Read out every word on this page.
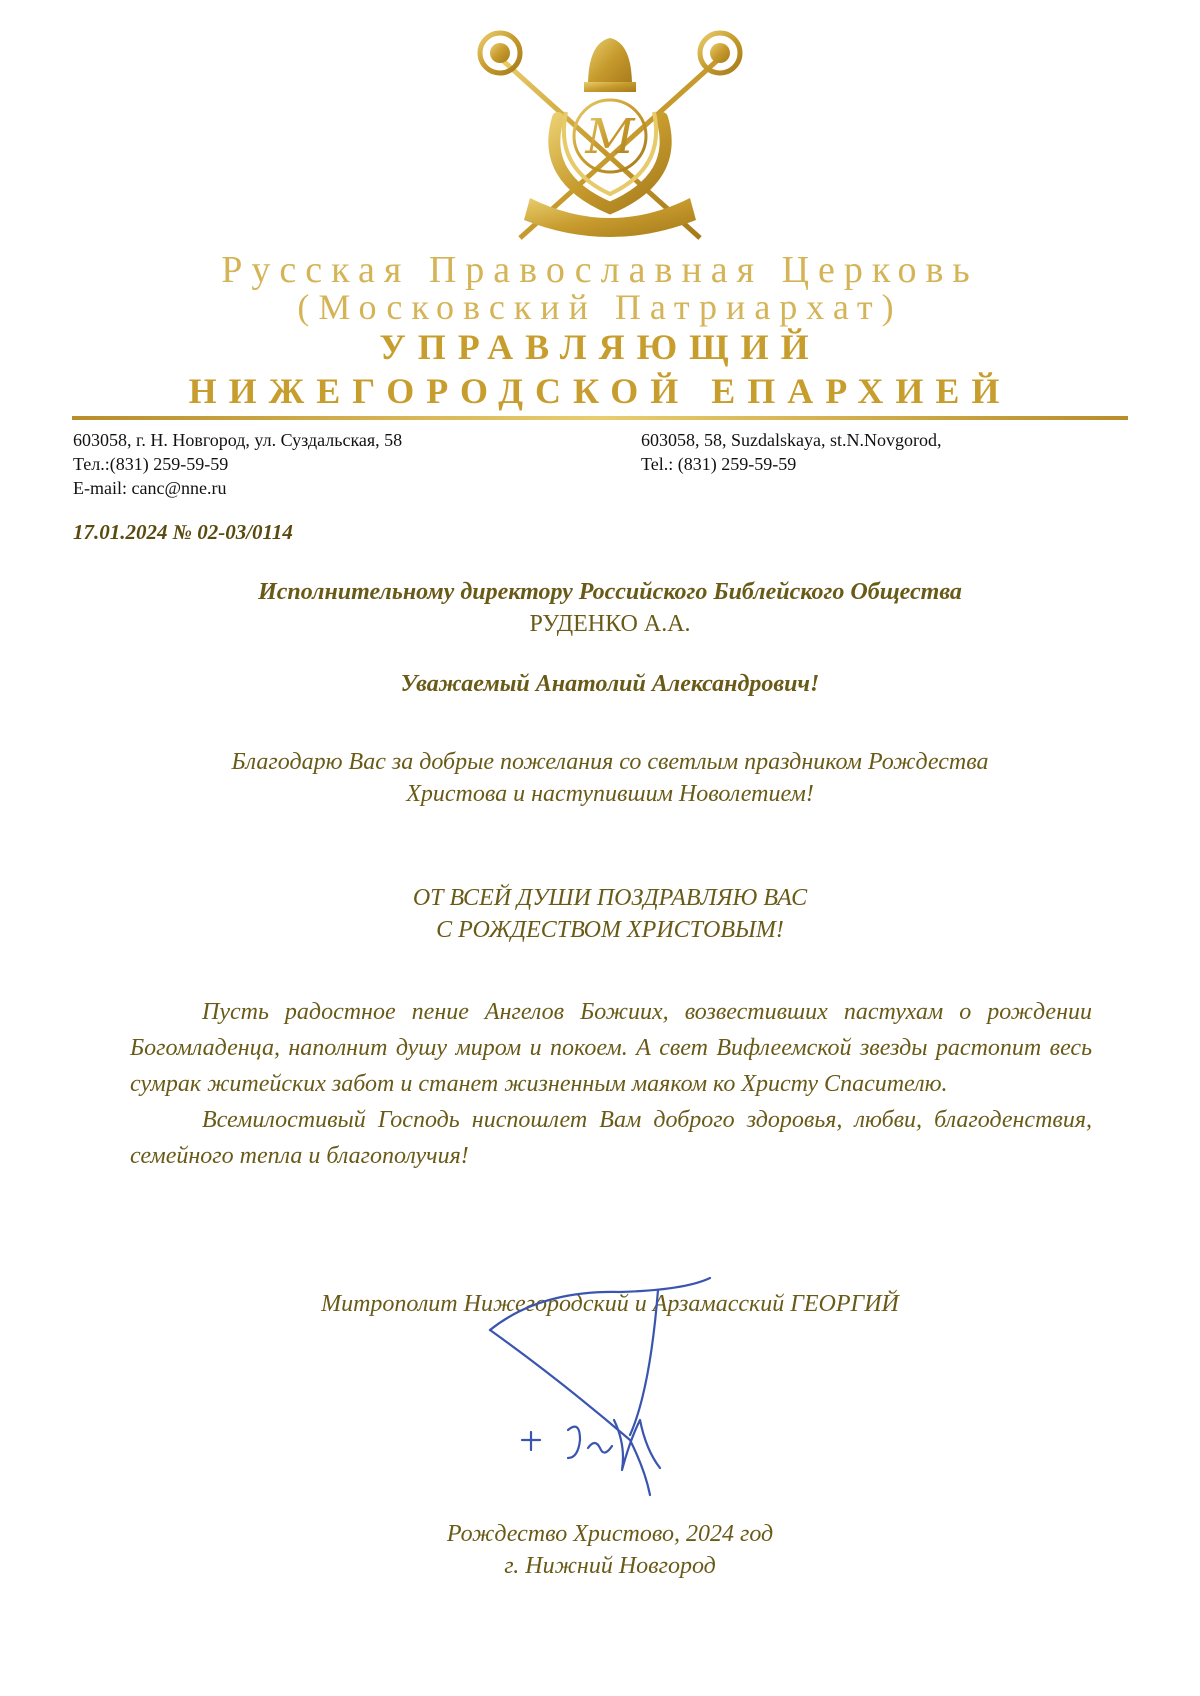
М
Русская Православная Церковь
(Московский Патриархат)
УПРАВЛЯЮЩИЙ
НИЖЕГОРОДСКОЙ ЕПАРХИЕЙ
603058, г. Н. Новгород, ул. Суздальская, 58
Тел.:(831) 259-59-59
E-mail: canc@nne.ru
603058, 58, Suzdalskaya, st.N.Novgorod,
Tel.: (831) 259-59-59
17.01.2024 № 02-03/0114
Исполнительному директору Российского Библейского Общества
РУДЕНКО А.А.
Уважаемый Анатолий Александрович!
Благодарю Вас за добрые пожелания со светлым праздником Рождества
Христова и наступившим Новолетием!
ОТ ВСЕЙ ДУШИ ПОЗДРАВЛЯЮ ВАС
С РОЖДЕСТВОМ ХРИСТОВЫМ!

Пусть радостное пение Ангелов Божиих, возвестивших пастухам о рождении Богомладенца, наполнит душу миром и покоем. А свет Вифлеемской звезды растопит весь сумрак житейских забот и станет жизненным маяком ко Христу Спасителю.

Всемилостивый Господь ниспошлет Вам доброго здоровья, любви, благоденствия, семейного тепла и благополучия!

Митрополит Нижегородский и Арзамасский ГЕОРГИЙ
Рождество Христово, 2024 год
г. Нижний Новгород
